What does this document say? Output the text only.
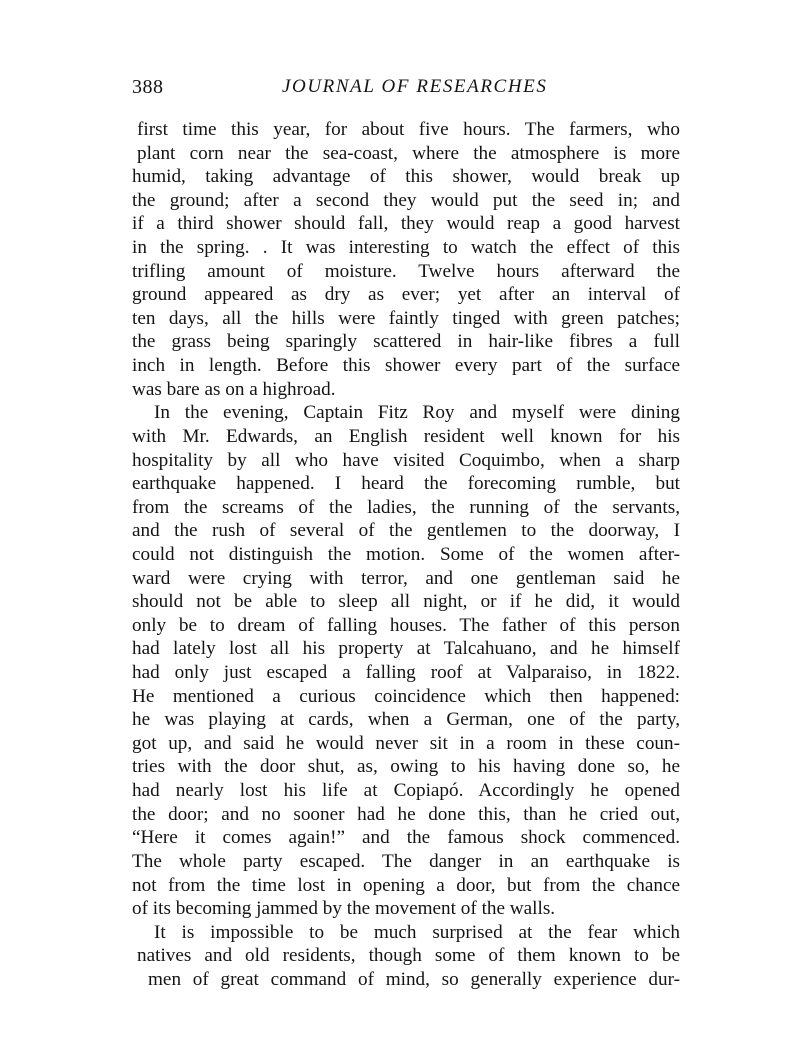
388	JOURNAL OF RESEARCHES
first time this year, for about five hours. The farmers, who
plant corn near the sea-coast, where the atmosphere is more
humid, taking advantage of this shower, would break up
the ground; after a second they would put the seed in; and
if a third shower should fall, they would reap a good harvest
in the spring. . It was interesting to watch the effect of this
trifling amount of moisture. Twelve hours afterward the
ground appeared as dry as ever; yet after an interval of
ten days, all the hills were faintly tinged with green patches;
the grass being sparingly scattered in hair-like fibres a full
inch in length. Before this shower every part of the surface
was bare as on a highroad.
In the evening, Captain Fitz Roy and myself were dining
with Mr. Edwards, an English resident well known for his
hospitality by all who have visited Coquimbo, when a sharp
earthquake happened. I heard the forecoming rumble, but
from the screams of the ladies, the running of the servants,
and the rush of several of the gentlemen to the doorway, I
could not distinguish the motion. Some of the women after-
ward were crying with terror, and one gentleman said he
should not be able to sleep all night, or if he did, it would
only be to dream of falling houses. The father of this person
had lately lost all his property at Talcahuano, and he himself
had only just escaped a falling roof at Valparaiso, in 1822.
He mentioned a curious coincidence which then happened:
he was playing at cards, when a German, one of the party,
got up, and said he would never sit in a room in these coun-
tries with the door shut, as, owing to his having done so, he
had nearly lost his life at Copiapó. Accordingly he opened
the door; and no sooner had he done this, than he cried out,
“Here it comes again!” and the famous shock commenced.
The whole party escaped. The danger in an earthquake is
not from the time lost in opening a door, but from the chance
of its becoming jammed by the movement of the walls.
It is impossible to be much surprised at the fear which
natives and old residents, though some of them known to be
men of great command of mind, so generally experience dur-
